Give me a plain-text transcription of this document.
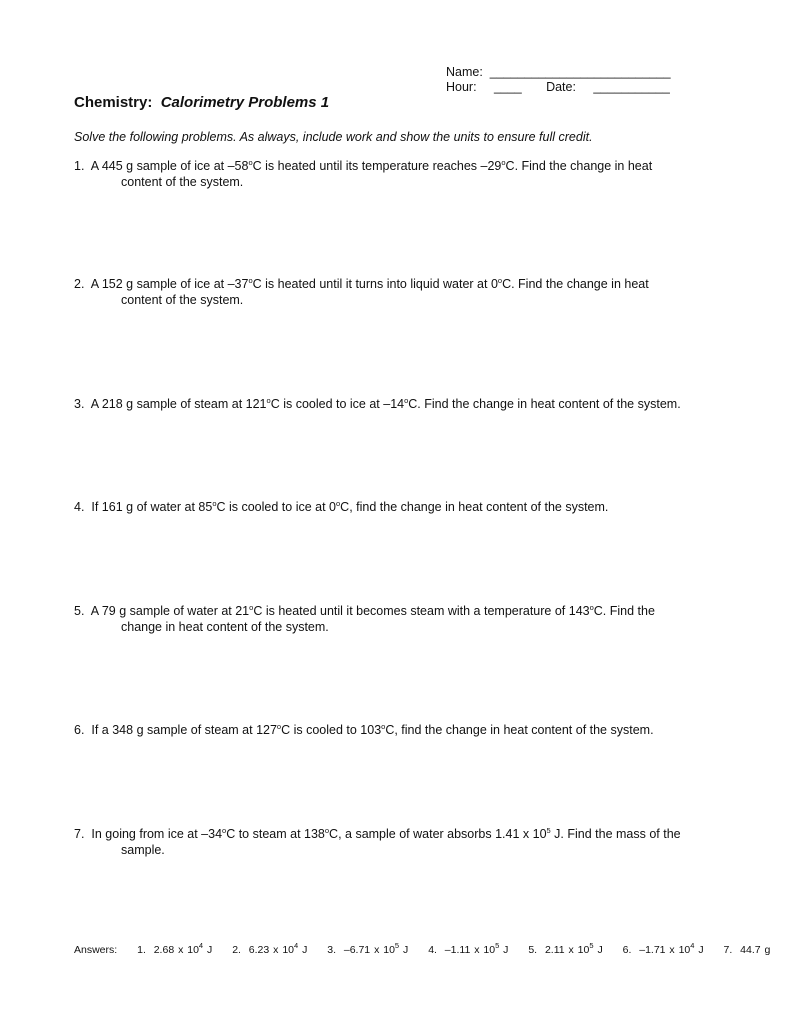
Name: __________________________
Hour: ____ Date: ___________
Chemistry: Calorimetry Problems 1
Solve the following problems. As always, include work and show the units to ensure full credit.
1. A 445 g sample of ice at –58$^o$C is heated until its temperature reaches –29$^o$C. Find the change in heat
content of the system.
2. A 152 g sample of ice at –37$^o$C is heated until it turns into liquid water at 0$^o$C. Find the change in heat
content of the system.
3. A 218 g sample of steam at 121$^o$C is cooled to ice at –14$^o$C. Find the change in heat content of the system.
4. If 161 g of water at 85$^o$C is cooled to ice at 0$^o$C, find the change in heat content of the system.
5. A 79 g sample of water at 21$^o$C is heated until it becomes steam with a temperature of 143$^o$C. Find the
change in heat content of the system.
6. If a 348 g sample of steam at 127$^o$C is cooled to 103$^o$C, find the change in heat content of the system.
7. In going from ice at –34$^o$C to steam at 138$^o$C, a sample of water absorbs 1.41 x $10^5$ J. Find the mass of the
sample.
Answers: 1. 2.68 x $10^4$ J 2. 6.23 x $10^4$ J 3. –6.71 x $10^5$ J 4. –1.11 x $10^5$ J 5. 2.11 x $10^5$ J 6. –1.71 x $10^4$ J 7. 44.7 g
